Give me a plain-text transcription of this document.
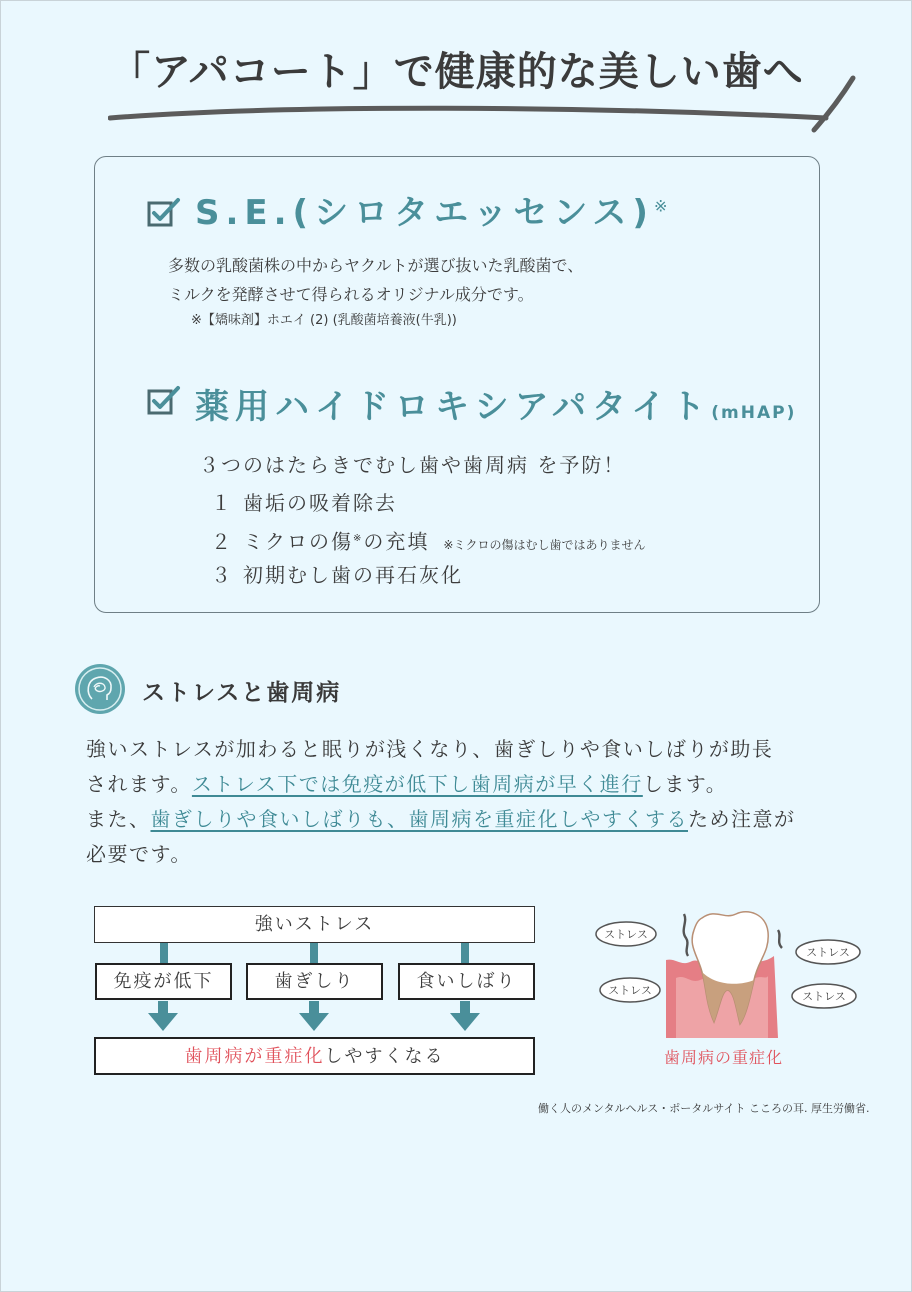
「アパコート」で健康的な美しい歯へ
S.E.(シロタエッセンス)※
多数の乳酸菌株の中からヤクルトが選び抜いた乳酸菌で、
ミルクを発酵させて得られるオリジナル成分です。
※【矯味剤】ホエイ (2) (乳酸菌培養液(牛乳))
薬用ハイドロキシアパタイト(mHAP)
３つのはたらきでむし歯や歯周病 を予防！
１ 歯垢の吸着除去
２ ミクロの傷※の充填 ※ミクロの傷はむし歯ではありません
３ 初期むし歯の再石灰化
ストレスと歯周病
強いストレスが加わると眠りが浅くなり、歯ぎしりや食いしばりが助長
されます。ストレス下では免疫が低下し歯周病が早く進行します。
また、歯ぎしりや食いしばりも、歯周病を重症化しやすくするため注意が
必要です。
強いストレス
免疫が低下	歯ぎしり	食いしばり
歯周病が重症化しやすくなる
ストレス
ストレス
ストレス
ストレス
歯周病の重症化
働く人のメンタルヘルス・ポータルサイト こころの耳. 厚生労働省.
